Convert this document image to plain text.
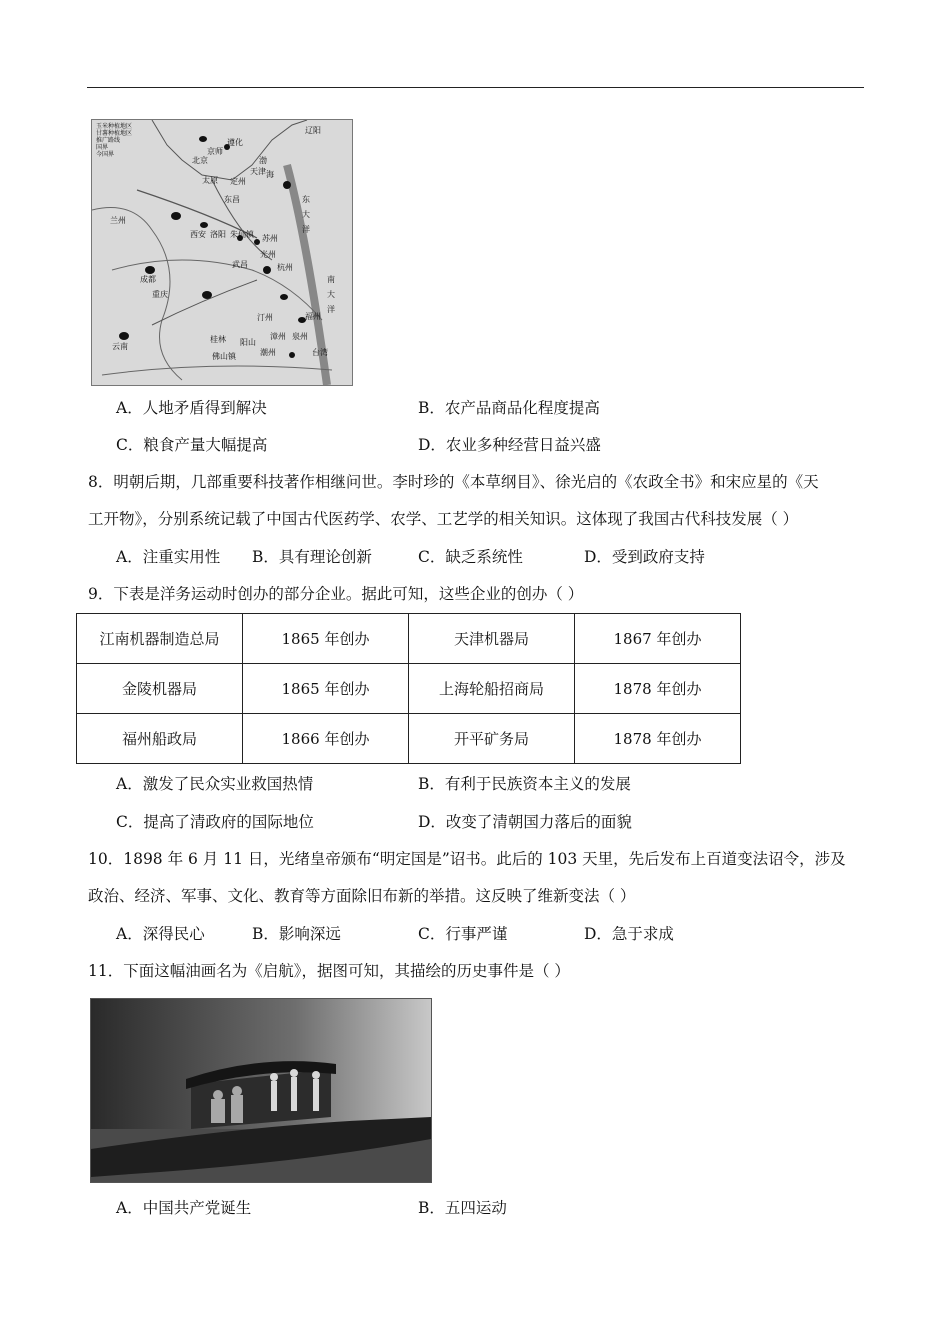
玉米种植地区
甘薯种植地区
推广路线
国界
今国界
辽阳
遵化
北京
京师
天津
太原 定州
渤
海
东昌	东
大
洋
兰州
西安 洛阳 朱仙镇 苏州
光州
杭州
成都
武昌
重庆
汀州
南
大
洋
福州
桂林
云南	阳山
漳州 泉州
佛山镇	潮州	台湾
A．人地矛盾得到解决	B．农产品商品化程度提高
C．粮食产量大幅提高	D．农业多种经营日益兴盛
8．明朝后期，几部重要科技著作相继问世。李时珍的《本草纲目》、徐光启的《农政全书》和宋应星的《天
工开物》，分别系统记载了中国古代医药学、农学、工艺学的相关知识。这体现了我国古代科技发展（ ）
A．注重实用性 B．具有理论创新	C．缺乏系统性	D．受到政府支持
9．下表是洋务运动时创办的部分企业。据此可知，这些企业的创办（ ）
江南机器制造总局	1865 年创办	天津机器局	1867 年创办
金陵机器局	1865 年创办	上海轮船招商局	1878 年创办
福州船政局	1866 年创办	开平矿务局	1878 年创办
A．激发了民众实业救国热情	B．有利于民族资本主义的发展
C．提高了清政府的国际地位	D．改变了清朝国力落后的面貌
10．1898 年 6 月 11 日，光绪皇帝颁布“明定国是”诏书。此后的 103 天里，先后发布上百道变法诏令，涉及
政治、经济、军事、文化、教育等方面除旧布新的举措。这反映了维新变法（ ）
A．深得民心	B．影响深远	C．行事严谨	D．急于求成
11．下面这幅油画名为《启航》，据图可知，其描绘的历史事件是（ ）
A．中国共产党诞生	B．五四运动
